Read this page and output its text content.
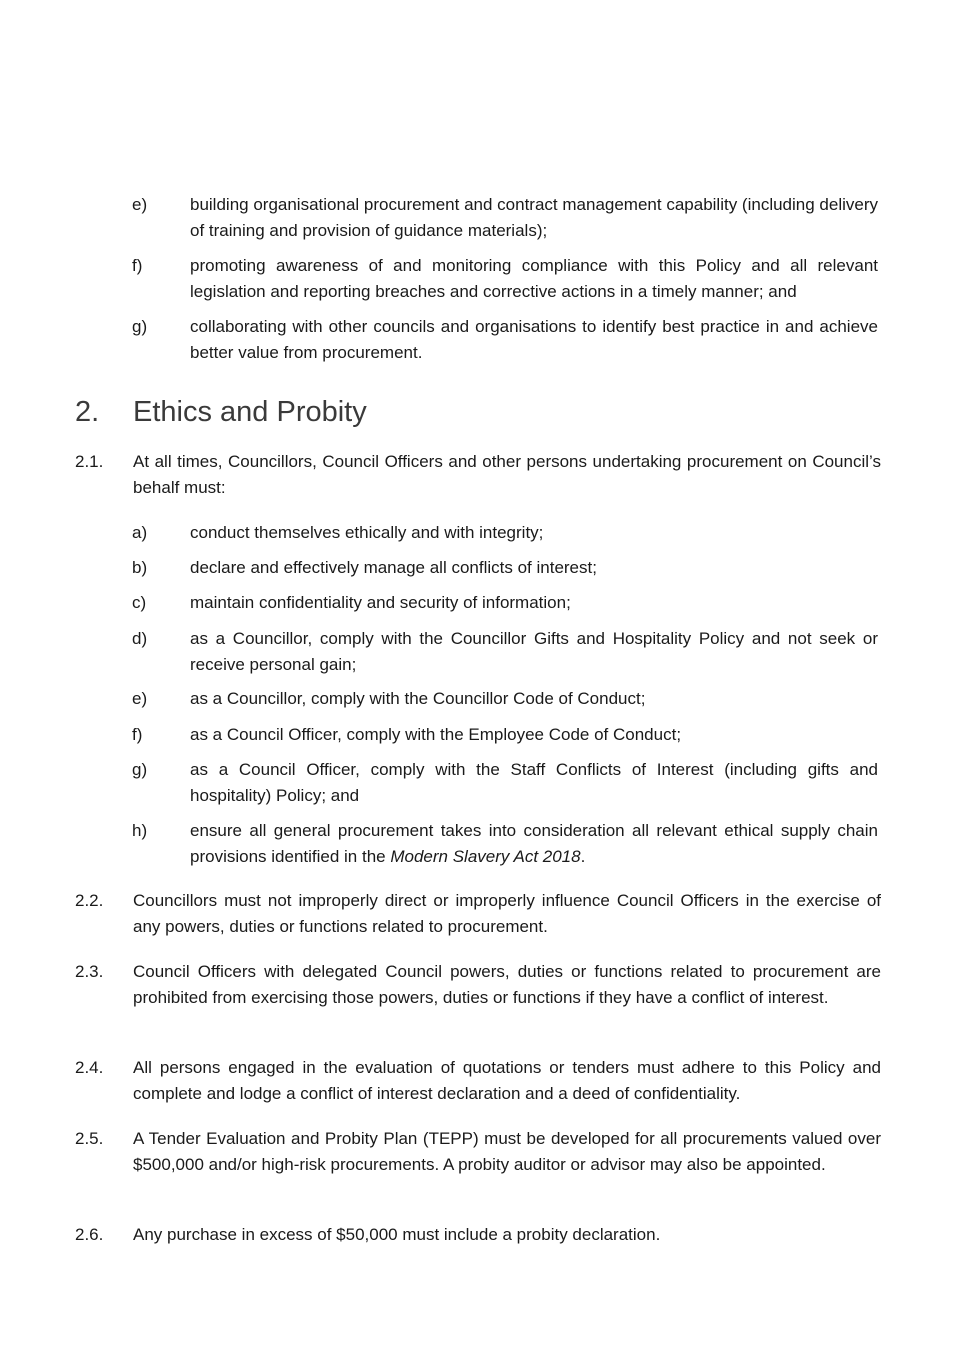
e)	building organisational procurement and contract management capability (including delivery of training and provision of guidance materials);

f)	promoting awareness of and monitoring compliance with this Policy and all relevant legislation and reporting breaches and corrective actions in a timely manner; and

g)	collaborating with other councils and organisations to identify best practice in and achieve better value from procurement.

2. Ethics and Probity
2.1. At all times, Councillors, Council Officers and other persons undertaking procurement on Council’s behalf must:

a)	conduct themselves ethically and with integrity;

b)	declare and effectively manage all conflicts of interest;

c)	maintain confidentiality and security of information;

d)	as a Councillor, comply with the Councillor Gifts and Hospitality Policy and not seek or receive personal gain;

e)	as a Councillor, comply with the Councillor Code of Conduct;

f)	as a Council Officer, comply with the Employee Code of Conduct;

g)	as a Council Officer, comply with the Staff Conflicts of Interest (including gifts and hospitality) Policy; and

h)	ensure all general procurement takes into consideration all relevant ethical supply chain provisions identified in the Modern Slavery Act 2018.

2.2. Councillors must not improperly direct or improperly influence Council Officers in the exercise of any powers, duties or functions related to procurement.

2.3. Council Officers with delegated Council powers, duties or functions related to procurement are prohibited from exercising those powers, duties or functions if they have a conflict of interest.

2.4. All persons engaged in the evaluation of quotations or tenders must adhere to this Policy and complete and lodge a conflict of interest declaration and a deed of confidentiality.

2.5. A Tender Evaluation and Probity Plan (TEPP) must be developed for all procurements valued over $500,000 and/or high-risk procurements. A probity auditor or advisor may also be appointed.

2.6. Any purchase in excess of $50,000 must include a probity declaration.
